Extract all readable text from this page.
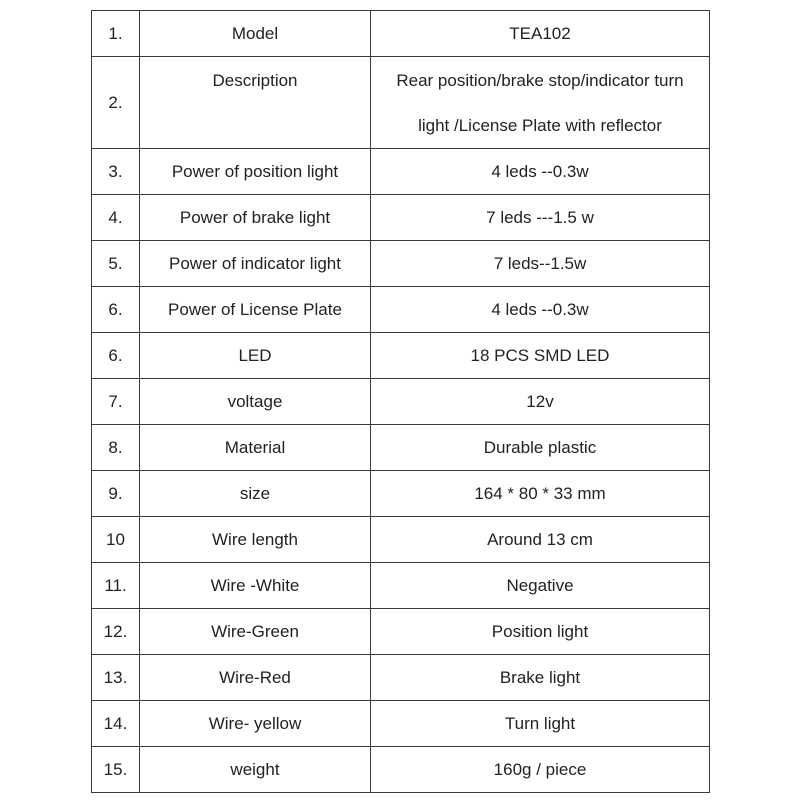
1.	Model	TEA102
2.	Description	Rear position/brake stop/indicator turn
light /License Plate with reflector

3.	Power of position light	4 leds --0.3w
4.	Power of brake light	7 leds ---1.5 w
5.	Power of indicator light	7 leds--1.5w
6.	Power of License Plate	4 leds --0.3w
6.	LED	18 PCS SMD LED
7.	voltage	12v
8.	Material	Durable plastic
9.	size	164 * 80 * 33 mm
10	Wire length	Around 13 cm
11.	Wire -White	Negative
12.	Wire-Green	Position light
13.	Wire-Red	Brake light
14.	Wire- yellow	Turn light
15.	weight	160g / piece
